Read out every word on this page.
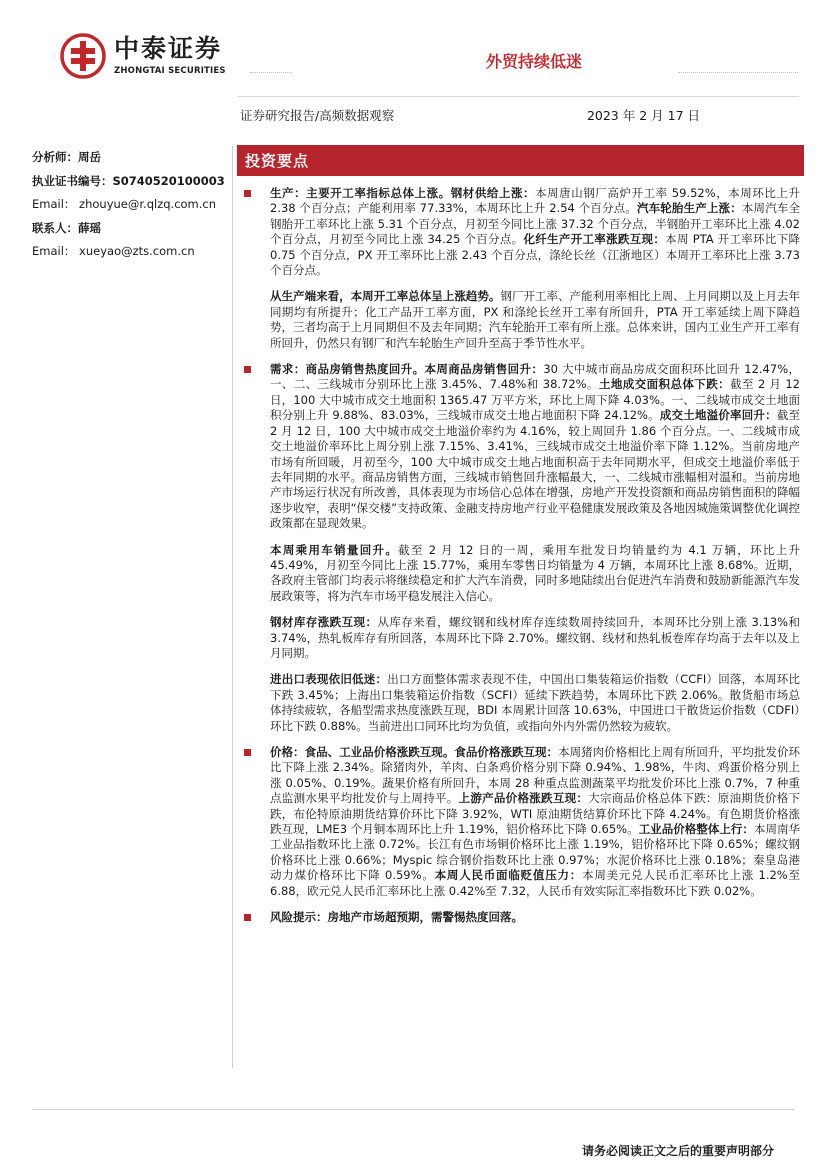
中泰证券
ZHONGTAI SECURITIES	外贸持续低迷
证券研究报告/高频数据观察	2023 年 2 月 17 日
分析师：周岳
执业证书编号：S0740520100003
Email： zhouyue@r.qlzq.com.cn
联系人：薛瑶
Email： xueyao@zts.com.cn
投资要点
生产：主要开工率指标总体上涨。钢材供给上涨：本周唐山钢厂高炉开工率 59.52%，本周环比上升 2.38 个百分点；产能利用率 77.33%，本周环比上升 2.54 个百分点。汽车轮胎生产上涨：本周汽车全钢胎开工率环比上涨 5.31 个百分点，月初至今同比上涨 37.32 个百分点，半钢胎开工率环比上涨 4.02 个百分点，月初至今同比上涨 34.25 个百分点。化纤生产开工率涨跌互现：本周 PTA 开工率环比下降 0.75 个百分点，PX 开工率环比上涨 2.43 个百分点，涤纶长丝（江浙地区）本周开工率环比上涨 3.73 个百分点。
从生产端来看，本周开工率总体呈上涨趋势。钢厂开工率、产能利用率相比上周、上月同期以及上月去年同期均有所提升；化工产品开工率方面，PX 和涤纶长丝开工率有所回升，PTA 开工率延续上周下降趋势，三者均高于上月同期但不及去年同期；汽车轮胎开工率有所上涨。总体来讲，国内工业生产开工率有所回升，仍然只有钢厂和汽车轮胎生产回升至高于季节性水平。
需求：商品房销售热度回升。本周商品房销售回升：30 大中城市商品房成交面积环比回升 12.47%，一、二、三线城市分别环比上涨 3.45%、7.48%和 38.72%。土地成交面积总体下跌：截至 2 月 12 日，100 大中城市成交土地面积 1365.47 万平方米，环比上周下降 4.03%。一、二线城市成交土地面积分别上升 9.88%、83.03%，三线城市成交土地占地面积下降 24.12%。成交土地溢价率回升：截至 2 月 12 日，100 大中城市成交土地溢价率约为 4.16%，较上周回升 1.86 个百分点。一、二线城市成交土地溢价率环比上周分别上涨 7.15%、3.41%，三线城市成交土地溢价率下降 1.12%。当前房地产市场有所回暖，月初至今，100 大中城市成交土地占地面积高于去年同期水平，但成交土地溢价率低于去年同期的水平。商品房销售方面，三线城市销售回升涨幅最大，一、二线城市涨幅相对温和。当前房地产市场运行状况有所改善，具体表现为市场信心总体在增强，房地产开发投资额和商品房销售面积的降幅逐步收窄，表明“保交楼”支持政策、金融支持房地产行业平稳健康发展政策及各地因城施策调整优化调控政策都在显现效果。
本周乘用车销量回升。截至 2 月 12 日的一周，乘用车批发日均销量约为 4.1 万辆，环比上升 45.49%，月初至今同比上涨 15.77%，乘用车零售日均销量为 4 万辆，本周环比上涨 8.68%。近期，各政府主管部门均表示将继续稳定和扩大汽车消费，同时多地陆续出台促进汽车消费和鼓励新能源汽车发展政策等，将为汽车市场平稳发展注入信心。
钢材库存涨跌互现：从库存来看，螺纹钢和线材库存连续数周持续回升，本周环比分别上涨 3.13%和 3.74%，热轧板库存有所回落，本周环比下降 2.70%。螺纹钢、线材和热轧板卷库存均高于去年以及上月同期。
进出口表现依旧低迷：出口方面整体需求表现不佳，中国出口集装箱运价指数（CCFI）回落，本周环比下跌 3.45%；上海出口集装箱运价指数（SCFI）延续下跌趋势，本周环比下跌 2.06%。散货船市场总体持续疲软，各船型需求热度涨跌互现，BDI 本周累计回落 10.63%，中国进口干散货运价指数（CDFI）环比下跌 0.88%。当前进出口同环比均为负值，或指向外内外需仍然较为疲软。
价格：食品、工业品价格涨跌互现。食品价格涨跌互现：本周猪肉价格相比上周有所回升，平均批发价环比下降上涨 2.34%。除猪肉外，羊肉、白条鸡价格分别下降 0.94%、1.98%，牛肉、鸡蛋价格分别上涨 0.05%、0.19%。蔬果价格有所回升，本周 28 种重点监测蔬菜平均批发价环比上涨 0.7%，7 种重点监测水果平均批发价与上周持平。上游产品价格涨跌互现：大宗商品价格总体下跌：原油期货价格下跌，布伦特原油期货结算价环比下降 3.92%，WTI 原油期货结算价环比下降 4.24%。有色期货价格涨跌互现，LME3 个月铜本周环比上升 1.19%，铝价格环比下降 0.65%。工业品价格整体上行：本周南华工业品指数环比上涨 0.72%。长江有色市场铜价格环比上涨 1.19%，铝价格环比下降 0.65%；螺纹钢价格环比上涨 0.66%；Myspic 综合钢价指数环比上涨 0.97%；水泥价格环比上涨 0.18%；秦皇岛港动力煤价格环比下降 0.59%。本周人民币面临贬值压力：本周美元兑人民币汇率环比上涨 1.2%至 6.88，欧元兑人民币汇率环比上涨 0.42%至 7.32，人民币有效实际汇率指数环比下跌 0.02%。
风险提示：房地产市场超预期，需警惕热度回落。
请务必阅读正文之后的重要声明部分
